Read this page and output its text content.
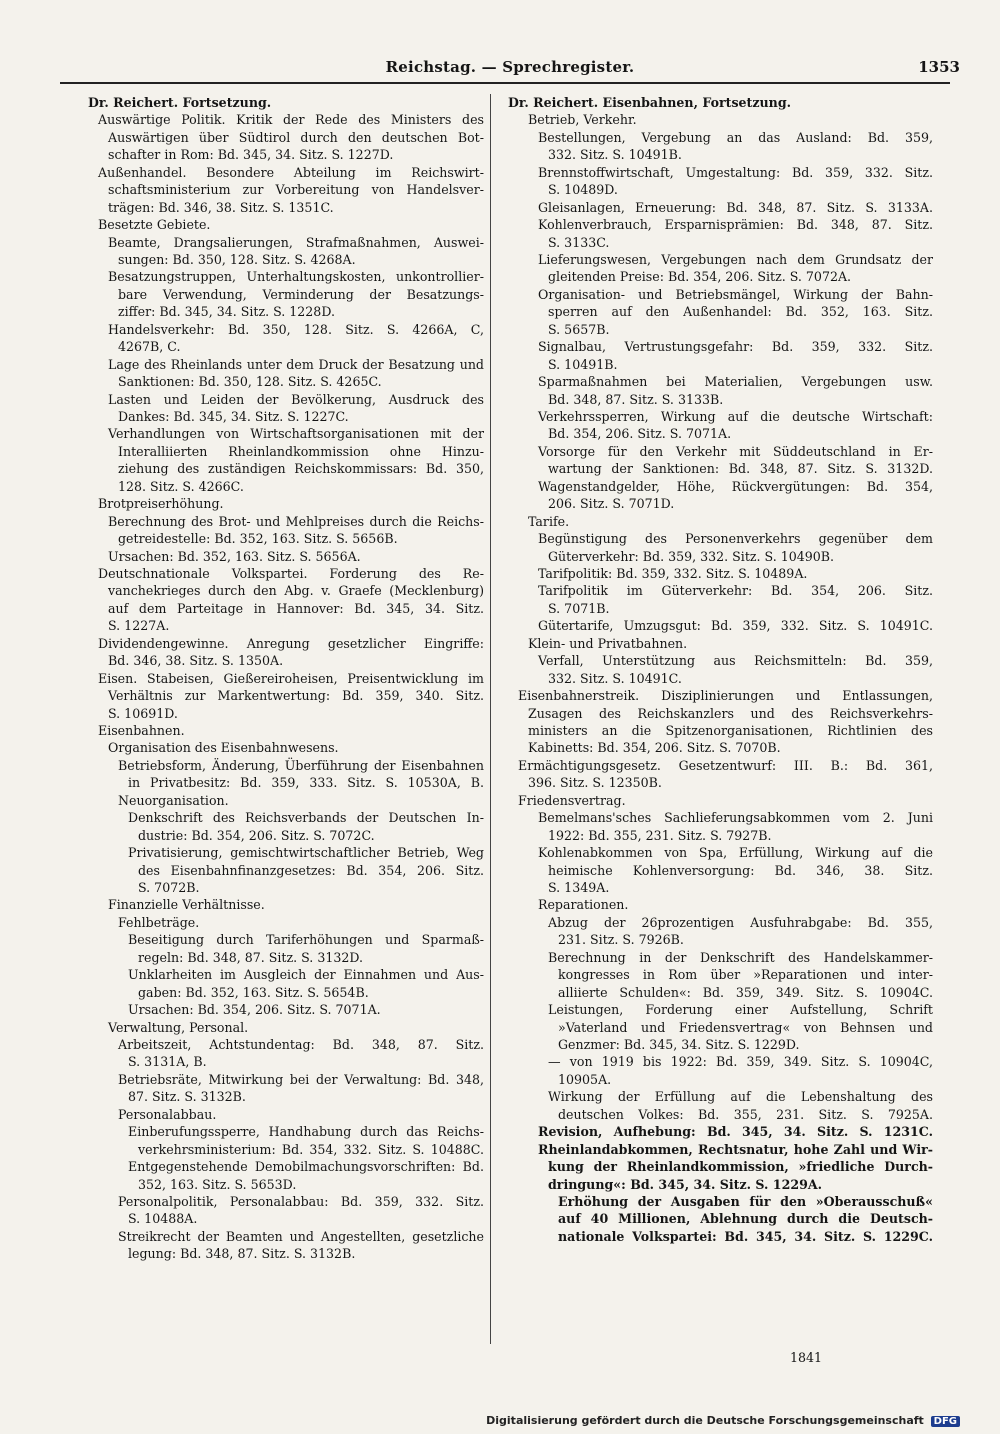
Reichstag. — Sprechregister.	1353
Dr. Reichert. Fortsetzung.
Auswärtige Politik. Kritik der Rede des Ministers des
Auswärtigen über Südtirol durch den deutschen Bot-
schafter in Rom: Bd. 345, 34. Sitz. S. 1227D.
Außenhandel. Besondere Abteilung im Reichswirt-
schaftsministerium zur Vorbereitung von Handelsver-
trägen: Bd. 346, 38. Sitz. S. 1351C.
Besetzte Gebiete.
Beamte, Drangsalierungen, Strafmaßnahmen, Auswei-
sungen: Bd. 350, 128. Sitz. S. 4268A.
Besatzungstruppen, Unterhaltungskosten, unkontrollier-
bare Verwendung, Verminderung der Besatzungs-
ziffer: Bd. 345, 34. Sitz. S. 1228D.
Handelsverkehr: Bd. 350, 128. Sitz. S. 4266A, C,
4267B, C.
Lage des Rheinlands unter dem Druck der Besatzung und
Sanktionen: Bd. 350, 128. Sitz. S. 4265C.
Lasten und Leiden der Bevölkerung, Ausdruck des
Dankes: Bd. 345, 34. Sitz. S. 1227C.
Verhandlungen von Wirtschaftsorganisationen mit der
Interalliierten Rheinlandkommission ohne Hinzu-
ziehung des zuständigen Reichskommissars: Bd. 350,
128. Sitz. S. 4266C.
Brotpreiserhöhung.
Berechnung des Brot- und Mehlpreises durch die Reichs-
getreidestelle: Bd. 352, 163. Sitz. S. 5656B.
Ursachen: Bd. 352, 163. Sitz. S. 5656A.
Deutschnationale Volkspartei. Forderung des Re-
vanchekrieges durch den Abg. v. Graefe (Mecklenburg)
auf dem Parteitage in Hannover: Bd. 345, 34. Sitz.
S. 1227A.
Dividendengewinne. Anregung gesetzlicher Eingriffe:
Bd. 346, 38. Sitz. S. 1350A.
Eisen. Stabeisen, Gießereiroheisen, Preisentwicklung im
Verhältnis zur Markentwertung: Bd. 359, 340. Sitz.
S. 10691D.
Eisenbahnen.
Organisation des Eisenbahnwesens.
Betriebsform, Änderung, Überführung der Eisenbahnen
in Privatbesitz: Bd. 359, 333. Sitz. S. 10530A, B.
Neuorganisation.
Denkschrift des Reichsverbands der Deutschen In-
dustrie: Bd. 354, 206. Sitz. S. 7072C.
Privatisierung, gemischtwirtschaftlicher Betrieb, Weg
des Eisenbahnfinanzgesetzes: Bd. 354, 206. Sitz.
S. 7072B.
Finanzielle Verhältnisse.
Fehlbeträge.
Beseitigung durch Tariferhöhungen und Sparmaß-
regeln: Bd. 348, 87. Sitz. S. 3132D.
Unklarheiten im Ausgleich der Einnahmen und Aus-
gaben: Bd. 352, 163. Sitz. S. 5654B.
Ursachen: Bd. 354, 206. Sitz. S. 7071A.
Verwaltung, Personal.
Arbeitszeit, Achtstundentag: Bd. 348, 87. Sitz.
S. 3131A, B.
Betriebsräte, Mitwirkung bei der Verwaltung: Bd. 348,
87. Sitz. S. 3132B.
Personalabbau.
Einberufungssperre, Handhabung durch das Reichs-
verkehrsministerium: Bd. 354, 332. Sitz. S. 10488C.
Entgegenstehende Demobilmachungsvorschriften: Bd.
352, 163. Sitz. S. 5653D.
Personalpolitik, Personalabbau: Bd. 359, 332. Sitz.
S. 10488A.
Streikrecht der Beamten und Angestellten, gesetzliche
legung: Bd. 348, 87. Sitz. S. 3132B.
Dr. Reichert. Eisenbahnen, Fortsetzung.
Betrieb, Verkehr.
Bestellungen, Vergebung an das Ausland: Bd. 359,
332. Sitz. S. 10491B.
Brennstoffwirtschaft, Umgestaltung: Bd. 359, 332. Sitz.
S. 10489D.
Gleisanlagen, Erneuerung: Bd. 348, 87. Sitz. S. 3133A.
Kohlenverbrauch, Ersparnisprämien: Bd. 348, 87. Sitz.
S. 3133C.
Lieferungswesen, Vergebungen nach dem Grundsatz der
gleitenden Preise: Bd. 354, 206. Sitz. S. 7072A.
Organisation- und Betriebsmängel, Wirkung der Bahn-
sperren auf den Außenhandel: Bd. 352, 163. Sitz.
S. 5657B.
Signalbau, Vertrustungsgefahr: Bd. 359, 332. Sitz.
S. 10491B.
Sparmaßnahmen bei Materialien, Vergebungen usw.
Bd. 348, 87. Sitz. S. 3133B.
Verkehrssperren, Wirkung auf die deutsche Wirtschaft:
Bd. 354, 206. Sitz. S. 7071A.
Vorsorge für den Verkehr mit Süddeutschland in Er-
wartung der Sanktionen: Bd. 348, 87. Sitz. S. 3132D.
Wagenstandgelder, Höhe, Rückvergütungen: Bd. 354,
206. Sitz. S. 7071D.
Tarife.
Begünstigung des Personenverkehrs gegenüber dem
Güterverkehr: Bd. 359, 332. Sitz. S. 10490B.
Tarifpolitik: Bd. 359, 332. Sitz. S. 10489A.
Tarifpolitik im Güterverkehr: Bd. 354, 206. Sitz.
S. 7071B.
Gütertarife, Umzugsgut: Bd. 359, 332. Sitz. S. 10491C.
Klein- und Privatbahnen.
Verfall, Unterstützung aus Reichsmitteln: Bd. 359,
332. Sitz. S. 10491C.
Eisenbahnerstreik. Disziplinierungen und Entlassungen,
Zusagen des Reichskanzlers und des Reichsverkehrs-
ministers an die Spitzenorganisationen, Richtlinien des
Kabinetts: Bd. 354, 206. Sitz. S. 7070B.
Ermächtigungsgesetz. Gesetzentwurf: III. B.: Bd. 361,
396. Sitz. S. 12350B.
Friedensvertrag.
Bemelmans'sches Sachlieferungsabkommen vom 2. Juni
1922: Bd. 355, 231. Sitz. S. 7927B.
Kohlenabkommen von Spa, Erfüllung, Wirkung auf die
heimische Kohlenversorgung: Bd. 346, 38. Sitz.
S. 1349A.
Reparationen.
Abzug der 26prozentigen Ausfuhrabgabe: Bd. 355,
231. Sitz. S. 7926B.
Berechnung in der Denkschrift des Handelskammer-
kongresses in Rom über »Reparationen und inter-
alliierte Schulden«: Bd. 359, 349. Sitz. S. 10904C.
Leistungen, Forderung einer Aufstellung, Schrift
»Vaterland und Friedensvertrag« von Behnsen und
Genzmer: Bd. 345, 34. Sitz. S. 1229D.
— von 1919 bis 1922: Bd. 359, 349. Sitz. S. 10904C,
10905A.
Wirkung der Erfüllung auf die Lebenshaltung des
deutschen Volkes: Bd. 355, 231. Sitz. S. 7925A.
Revision, Aufhebung: Bd. 345, 34. Sitz. S. 1231C.
Rheinlandabkommen, Rechtsnatur, hohe Zahl und Wir-
kung der Rheinlandkommission, »friedliche Durch-
dringung«: Bd. 345, 34. Sitz. S. 1229A.
Erhöhung der Ausgaben für den »Oberausschuß«
auf 40 Millionen, Ablehnung durch die Deutsch-
nationale Volkspartei: Bd. 345, 34. Sitz. S. 1229C.
1841
Digitalisierung gefördert durch die Deutsche Forschungsgemeinschaft DFG
